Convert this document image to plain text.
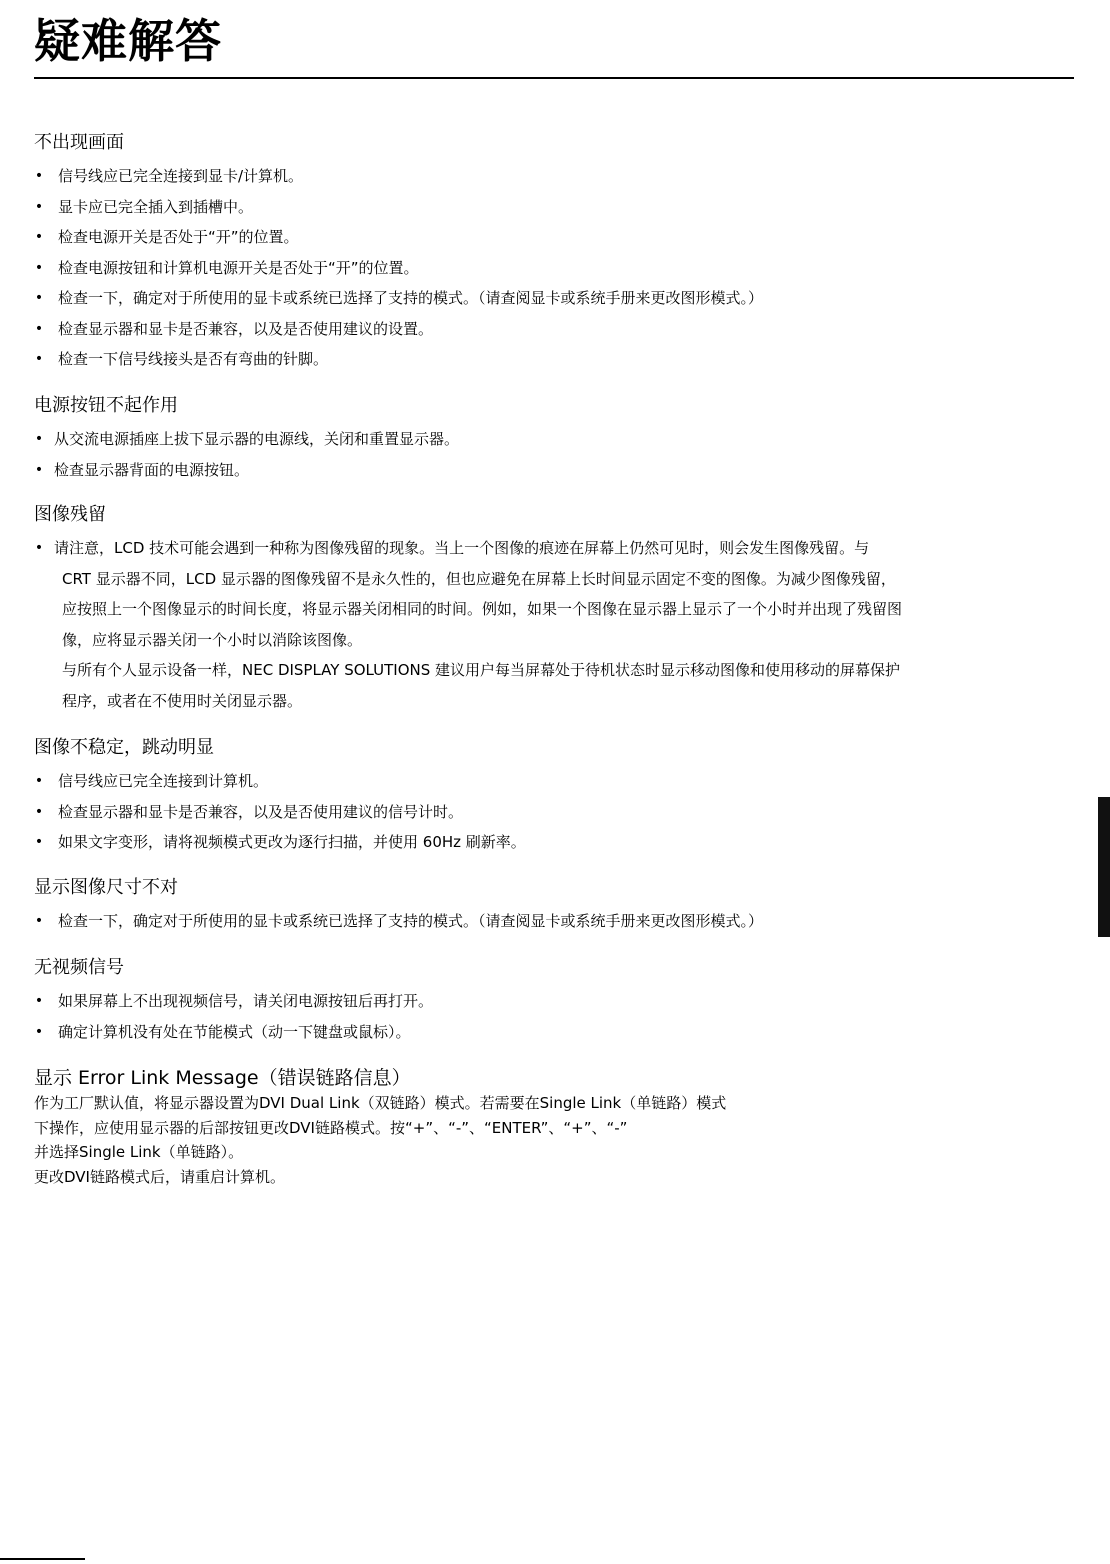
疑难解答
不出现画面
• 信号线应已完全连接到显卡/计算机。
• 显卡应已完全插入到插槽中。
• 检查电源开关是否处于“开”的位置。
• 检查电源按钮和计算机电源开关是否处于“开”的位置。
• 检查一下，确定对于所使用的显卡或系统已选择了支持的模式。（请查阅显卡或系统手册来更改图形模式。）
• 检查显示器和显卡是否兼容，以及是否使用建议的设置。
• 检查一下信号线接头是否有弯曲的针脚。
电源按钮不起作用
• 从交流电源插座上拔下显示器的电源线，关闭和重置显示器。
• 检查显示器背面的电源按钮。
图像残留
• 请注意，LCD 技术可能会遇到一种称为图像残留的现象。当上一个图像的痕迹在屏幕上仍然可见时，则会发生图像残留。与
CRT 显示器不同，LCD 显示器的图像残留不是永久性的，但也应避免在屏幕上长时间显示固定不变的图像。为减少图像残留，
应按照上一个图像显示的时间长度，将显示器关闭相同的时间。例如，如果一个图像在显示器上显示了一个小时并出现了残留图
像，应将显示器关闭一个小时以消除该图像。
与所有个人显示设备一样，NEC DISPLAY SOLUTIONS 建议用户每当屏幕处于待机状态时显示移动图像和使用移动的屏幕保护
程序，或者在不使用时关闭显示器。
图像不稳定，跳动明显
• 信号线应已完全连接到计算机。
• 检查显示器和显卡是否兼容，以及是否使用建议的信号计时。
• 如果文字变形，请将视频模式更改为逐行扫描，并使用 60Hz 刷新率。
显示图像尺寸不对
• 检查一下，确定对于所使用的显卡或系统已选择了支持的模式。（请查阅显卡或系统手册来更改图形模式。）
无视频信号
• 如果屏幕上不出现视频信号，请关闭电源按钮后再打开。
• 确定计算机没有处在节能模式（动一下键盘或鼠标）。
显示 Error Link Message（错误链路信息）
作为工厂默认值，将显示器设置为DVI Dual Link（双链路）模式。若需要在Single Link（单链路）模式
下操作，应使用显示器的后部按钮更改DVI链路模式。按“+”、“-”、“ENTER”、“+”、“-”
并选择Single Link（单链路）。
更改DVI链路模式后，请重启计算机。
